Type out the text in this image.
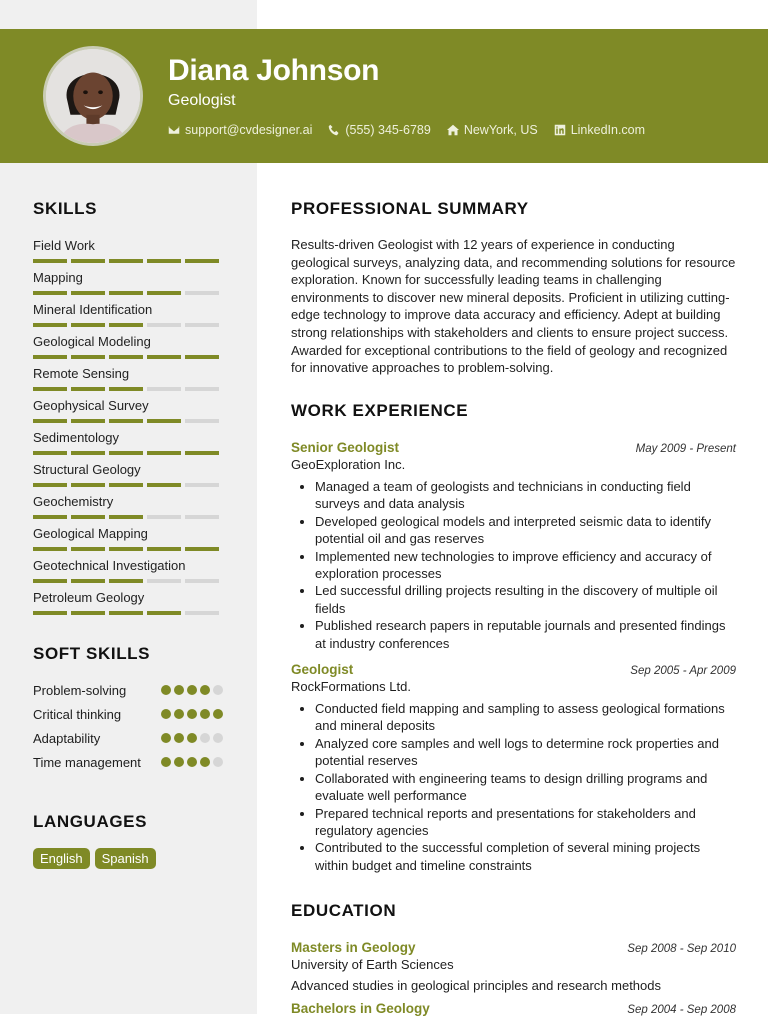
Diana Johnson
Geologist
support@cvdesigner.ai	(555) 345-6789	NewYork, US	LinkedIn.com
SKILLS
Field Work
Mapping
Mineral Identification
Geological Modeling
Remote Sensing
Geophysical Survey
Sedimentology
Structural Geology
Geochemistry
Geological Mapping
Geotechnical Investigation
Petroleum Geology
SOFT SKILLS
Problem-solving
Critical thinking
Adaptability
Time management
LANGUAGES
English	Spanish
PROFESSIONAL SUMMARY

Results-driven Geologist with 12 years of experience in conducting geological surveys, analyzing data, and recommending solutions for resource exploration. Known for successfully leading teams in challenging environments to discover new mineral deposits. Proficient in utilizing cutting-edge technology to improve data accuracy and efficiency. Adept at building strong relationships with stakeholders and clients to ensure project success. Awarded for exceptional contributions to the field of geology and recognized for innovative approaches to problem-solving.

WORK EXPERIENCE
Senior Geologist	May 2009 - Present
GeoExploration Inc.
• Managed a team of geologists and technicians in conducting field surveys and data analysis
• Developed geological models and interpreted seismic data to identify potential oil and gas reserves
• Implemented new technologies to improve efficiency and accuracy of exploration processes
• Led successful drilling projects resulting in the discovery of multiple oil fields
• Published research papers in reputable journals and presented findings at industry conferences
Geologist	Sep 2005 - Apr 2009
RockFormations Ltd.
• Conducted field mapping and sampling to assess geological formations and mineral deposits
• Analyzed core samples and well logs to determine rock properties and potential reserves
• Collaborated with engineering teams to design drilling programs and evaluate well performance
• Prepared technical reports and presentations for stakeholders and regulatory agencies
• Contributed to the successful completion of several mining projects within budget and timeline constraints
EDUCATION
Masters in Geology	Sep 2008 - Sep 2010
University of Earth Sciences
Advanced studies in geological principles and research methods
Bachelors in Geology	Sep 2004 - Sep 2008
